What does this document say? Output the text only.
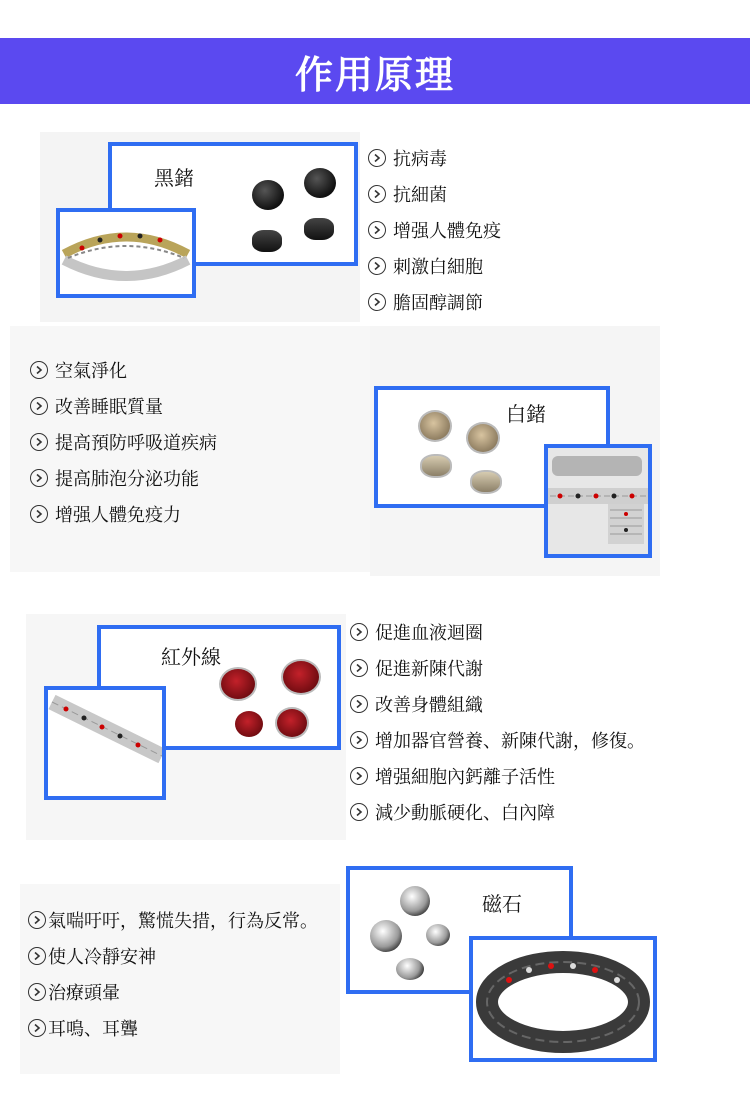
作用原理
黑鍺
抗病毒
抗細菌
增强人體免疫
刺激白細胞
膽固醇調節
空氣淨化
改善睡眠質量
提高預防呼吸道疾病
提高肺泡分泌功能
增强人體免疫力
白鍺
紅外線
促進血液迴圈
促進新陳代謝
改善身體組織
增加器官營養、新陳代謝，修復。
增强細胞內鈣離子活性
減少動脈硬化、白內障
氣喘吁吁，驚慌失措，行為反常。
使人冷靜安神
治療頭暈
耳鳴、耳聾
磁石
